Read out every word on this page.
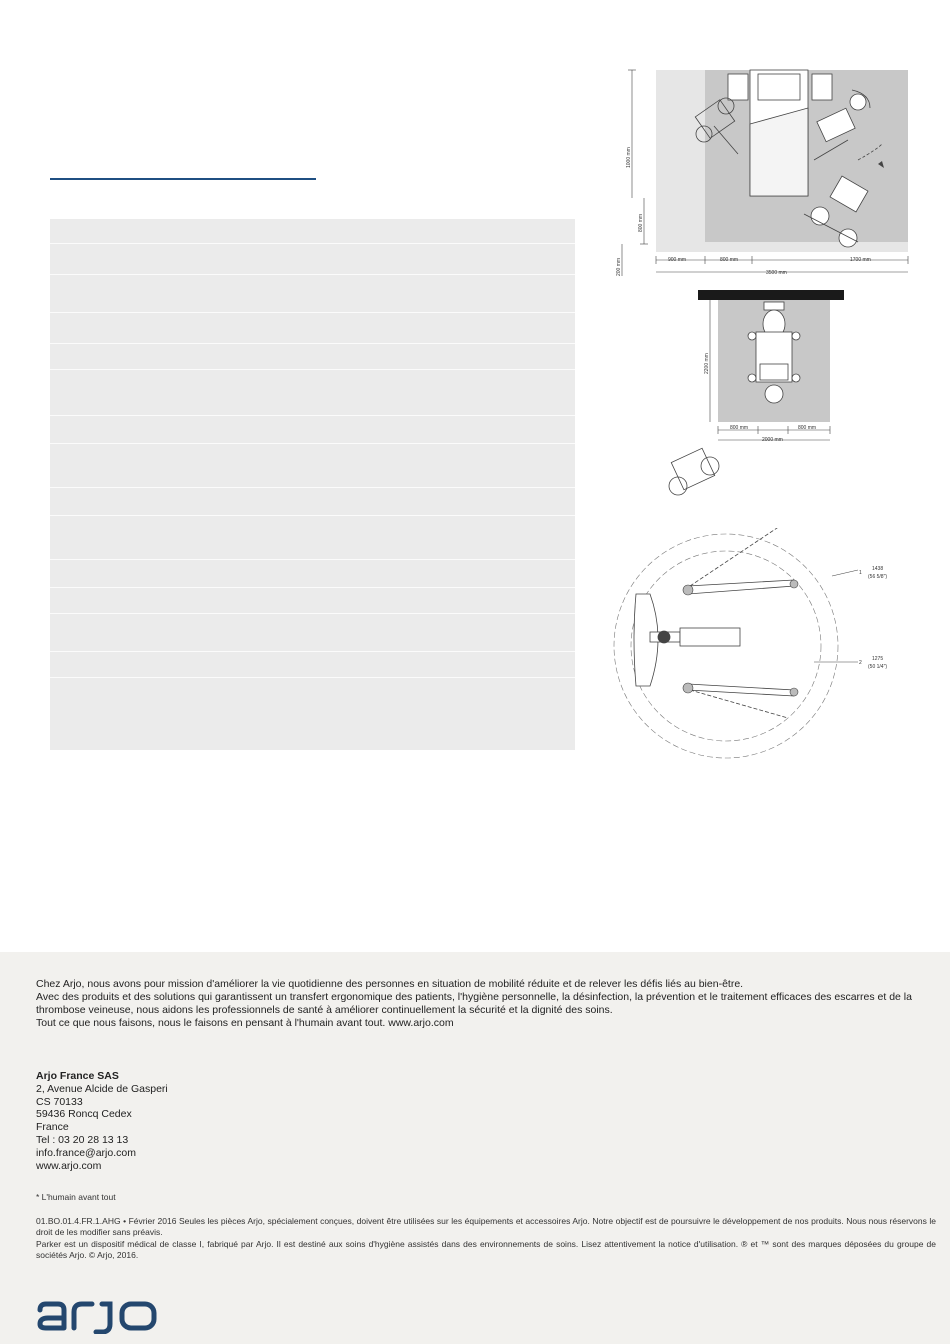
1000 mm
800 mm
200 mm	900 mm	800 mm	1700 mm
3500 mm
2200 mm
800 mm	800 mm
2000 mm
1
1438
(56 5/8")
2
1275
(50 1/4")

Chez Arjo, nous avons pour mission d'améliorer la vie quotidienne des personnes en situation de mobilité réduite et de relever les défis liés au bien-être.

Avec des produits et des solutions qui garantissent un transfert ergonomique des patients, l'hygiène personnelle, la désinfection, la prévention et le traitement efficaces des escarres et de la thrombose veineuse, nous aidons les professionnels de santé à améliorer continuellement la sécurité et la dignité des soins.

Tout ce que nous faisons, nous le faisons en pensant à l'humain avant tout. www.arjo.com

Arjo France SAS
2, Avenue Alcide de Gasperi
CS 70133
59436 Roncq Cedex
France
Tel : 03 20 28 13 13
info.france@arjo.com
www.arjo.com
* L'humain avant tout

01.BO.01.4.FR.1.AHG • Février 2016 Seules les pièces Arjo, spécialement conçues, doivent être utilisées sur les équipements et accessoires Arjo. Notre objectif est de poursuivre le développement de nos produits. Nous nous réservons le droit de les modifier sans préavis.

Parker est un dispositif médical de classe I, fabriqué par Arjo. Il est destiné aux soins d'hygiène assistés dans des environnements de soins. Lisez attentivement la notice d'utilisation. ® et ™ sont des marques déposées du groupe de sociétés Arjo. © Arjo, 2016.
